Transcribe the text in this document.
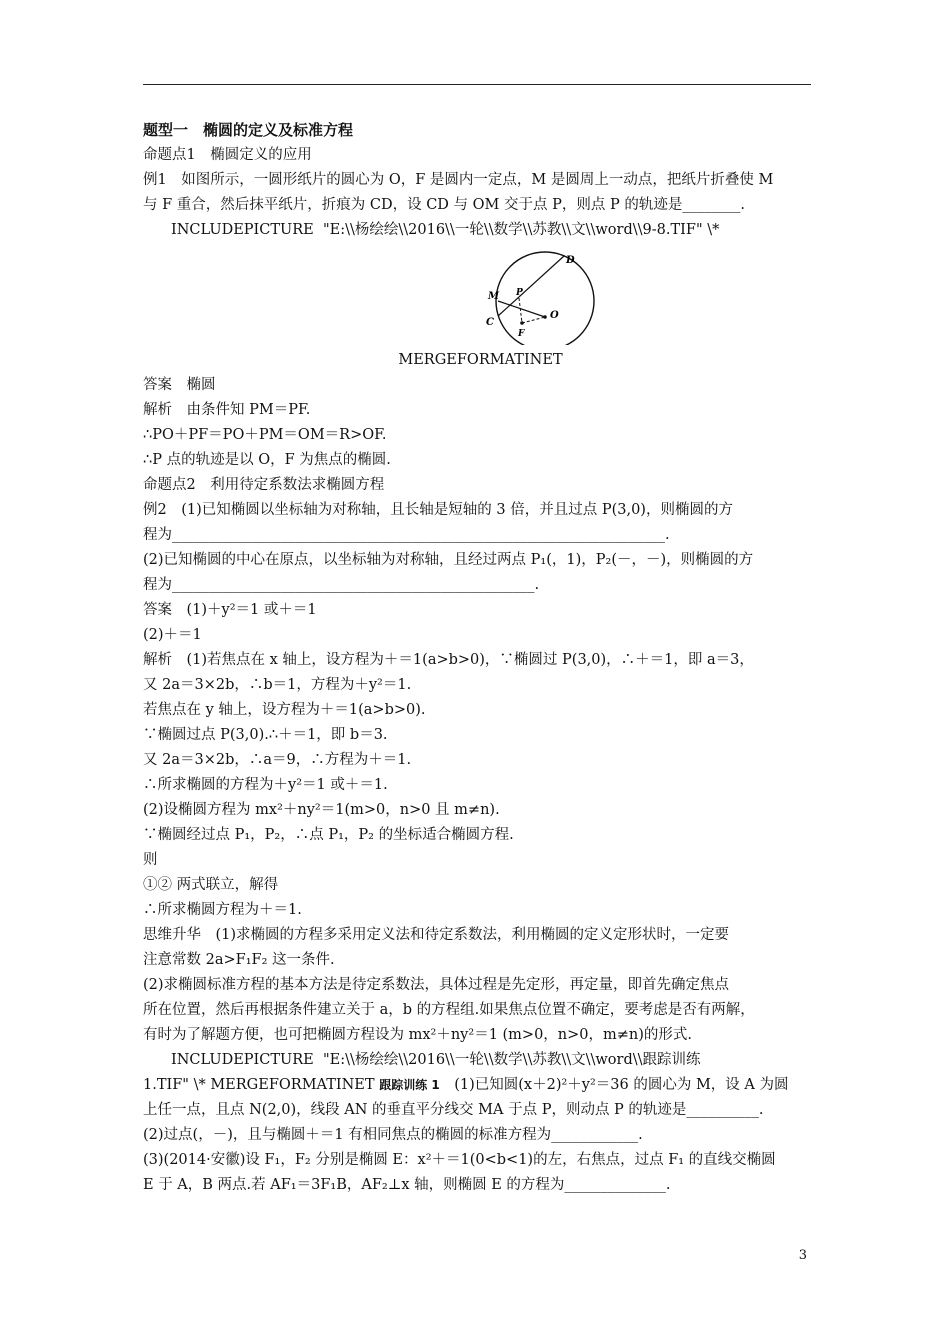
题型一　椭圆的定义及标准方程
命题点1　椭圆定义的应用
例1　如图所示，一圆形纸片的圆心为 O，F 是圆内一定点，M 是圆周上一动点，把纸片折叠使 M
与 F 重合，然后抹平纸片，折痕为 CD，设 CD 与 OM 交于点 P，则点 P 的轨迹是________.
INCLUDEPICTURE  "E:\\杨绘绘\\2016\\一轮\\数学\\苏教\\文\\word\\9-8.TIF" \*
MERGEFORMATINET
答案　椭圆
解析　由条件知 PM＝PF.
∴PO＋PF＝PO＋PM＝OM＝R>OF.
∴P 点的轨迹是以 O，F 为焦点的椭圆.
命题点2　利用待定系数法求椭圆方程
例2　(1)已知椭圆以坐标轴为对称轴，且长轴是短轴的 3 倍，并且过点 P(3,0)，则椭圆的方
程为____________________________________________________________________.
(2)已知椭圆的中心在原点，以坐标轴为对称轴，且经过两点 P₁(，1)，P₂(－，－)，则椭圆的方
程为__________________________________________________.
答案　(1)＋y²＝1 或＋＝1
(2)＋＝1
解析　(1)若焦点在 x 轴上，设方程为＋＝1(a>b>0)，∵椭圆过 P(3,0)，∴＋＝1，即 a＝3，
又 2a＝3×2b，∴b＝1，方程为＋y²＝1.
若焦点在 y 轴上，设方程为＋＝1(a>b>0).
∵椭圆过点 P(3,0).∴＋＝1，即 b＝3.
又 2a＝3×2b，∴a＝9，∴方程为＋＝1.
∴所求椭圆的方程为＋y²＝1 或＋＝1.
(2)设椭圆方程为 mx²＋ny²＝1(m>0，n>0 且 m≠n).
∵椭圆经过点 P₁，P₂，∴点 P₁，P₂ 的坐标适合椭圆方程.
则
①② 两式联立，解得
∴所求椭圆方程为＋＝1.
思维升华　(1)求椭圆的方程多采用定义法和待定系数法，利用椭圆的定义定形状时，一定要
注意常数 2a>F₁F₂ 这一条件.
(2)求椭圆标准方程的基本方法是待定系数法，具体过程是先定形，再定量，即首先确定焦点
所在位置，然后再根据条件建立关于 a，b 的方程组.如果焦点位置不确定，要考虑是否有两解，
有时为了解题方便，也可把椭圆方程设为 mx²＋ny²＝1 (m>0，n>0，m≠n)的形式.
INCLUDEPICTURE  "E:\\杨绘绘\\2016\\一轮\\数学\\苏教\\文\\word\\跟踪训练
1.TIF" \* MERGEFORMATINET 跟踪训练 1　(1)已知圆(x＋2)²＋y²＝36 的圆心为 M，设 A 为圆
上任一点，且点 N(2,0)，线段 AN 的垂直平分线交 MA 于点 P，则动点 P 的轨迹是__________.
(2)过点(，－)，且与椭圆＋＝1 有相同焦点的椭圆的标准方程为____________.
(3)(2014·安徽)设 F₁，F₂ 分别是椭圆 E：x²＋＝1(0<b<1)的左，右焦点，过点 F₁ 的直线交椭圆
E 于 A，B 两点.若 AF₁＝3F₁B，AF₂⊥x 轴，则椭圆 E 的方程为______________.
D
M P
C
O
F
3
